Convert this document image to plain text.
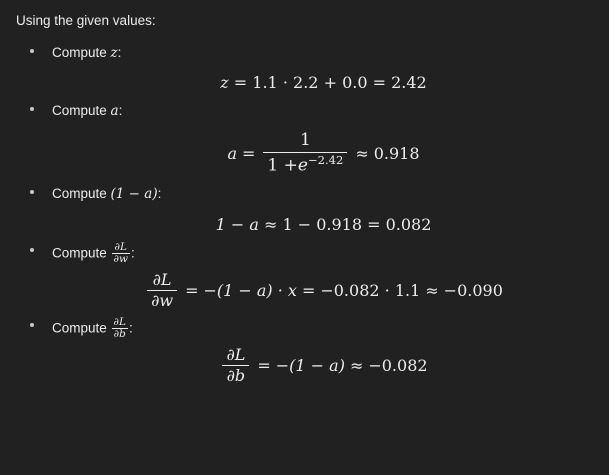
Using the given values:

Compute z:
z = 1.1 · 2.2 + 0.0 = 2.42
Compute a:
$a = \frac{1}{1 +e^{-2.42}} \approx 0.918$
Compute (1 − a):
1 − a ≈ 1 − 0.918 = 0.082
Compute $\frac{\partial L}{\partial w}$ :
$\frac{\partial L}{\partial w} = -(1 - a) \cdot x = -0.082 \cdot 1.1 \approx -0.090$
Compute $\frac{\partial L}{\partial b}$ :
$\frac{\partial L}{\partial b} = -(1 - a) \approx -0.082$
